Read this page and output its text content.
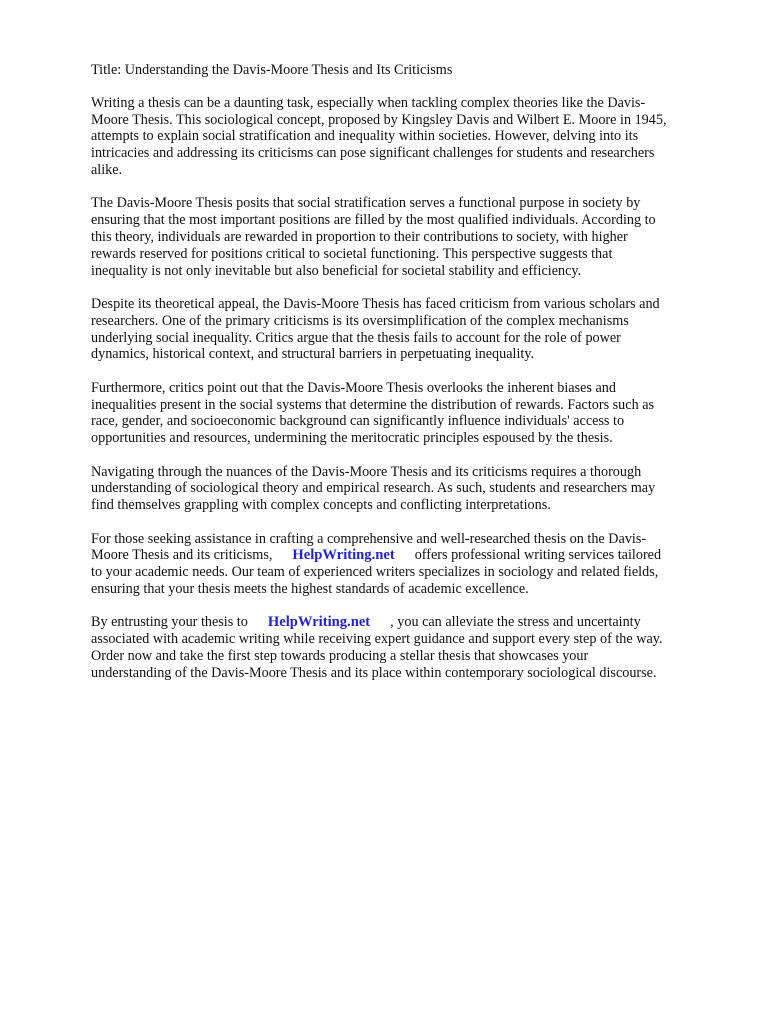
Title: Understanding the Davis-Moore Thesis and Its Criticisms

Writing a thesis can be a daunting task, especially when tackling complex theories like the Davis-
Moore Thesis. This sociological concept, proposed by Kingsley Davis and Wilbert E. Moore in 1945,
attempts to explain social stratification and inequality within societies. However, delving into its
intricacies and addressing its criticisms can pose significant challenges for students and researchers
alike.

The Davis-Moore Thesis posits that social stratification serves a functional purpose in society by
ensuring that the most important positions are filled by the most qualified individuals. According to
this theory, individuals are rewarded in proportion to their contributions to society, with higher
rewards reserved for positions critical to societal functioning. This perspective suggests that
inequality is not only inevitable but also beneficial for societal stability and efficiency.

Despite its theoretical appeal, the Davis-Moore Thesis has faced criticism from various scholars and
researchers. One of the primary criticisms is its oversimplification of the complex mechanisms
underlying social inequality. Critics argue that the thesis fails to account for the role of power
dynamics, historical context, and structural barriers in perpetuating inequality.

Furthermore, critics point out that the Davis-Moore Thesis overlooks the inherent biases and
inequalities present in the social systems that determine the distribution of rewards. Factors such as
race, gender, and socioeconomic background can significantly influence individuals' access to
opportunities and resources, undermining the meritocratic principles espoused by the thesis.

Navigating through the nuances of the Davis-Moore Thesis and its criticisms requires a thorough
understanding of sociological theory and empirical research. As such, students and researchers may
find themselves grappling with complex concepts and conflicting interpretations.

For those seeking assistance in crafting a comprehensive and well-researched thesis on the Davis-
Moore Thesis and its criticisms, HelpWriting.net offers professional writing services tailored
to your academic needs. Our team of experienced writers specializes in sociology and related fields,
ensuring that your thesis meets the highest standards of academic excellence.

By entrusting your thesis to HelpWriting.net , you can alleviate the stress and uncertainty
associated with academic writing while receiving expert guidance and support every step of the way.
Order now and take the first step towards producing a stellar thesis that showcases your
understanding of the Davis-Moore Thesis and its place within contemporary sociological discourse.
